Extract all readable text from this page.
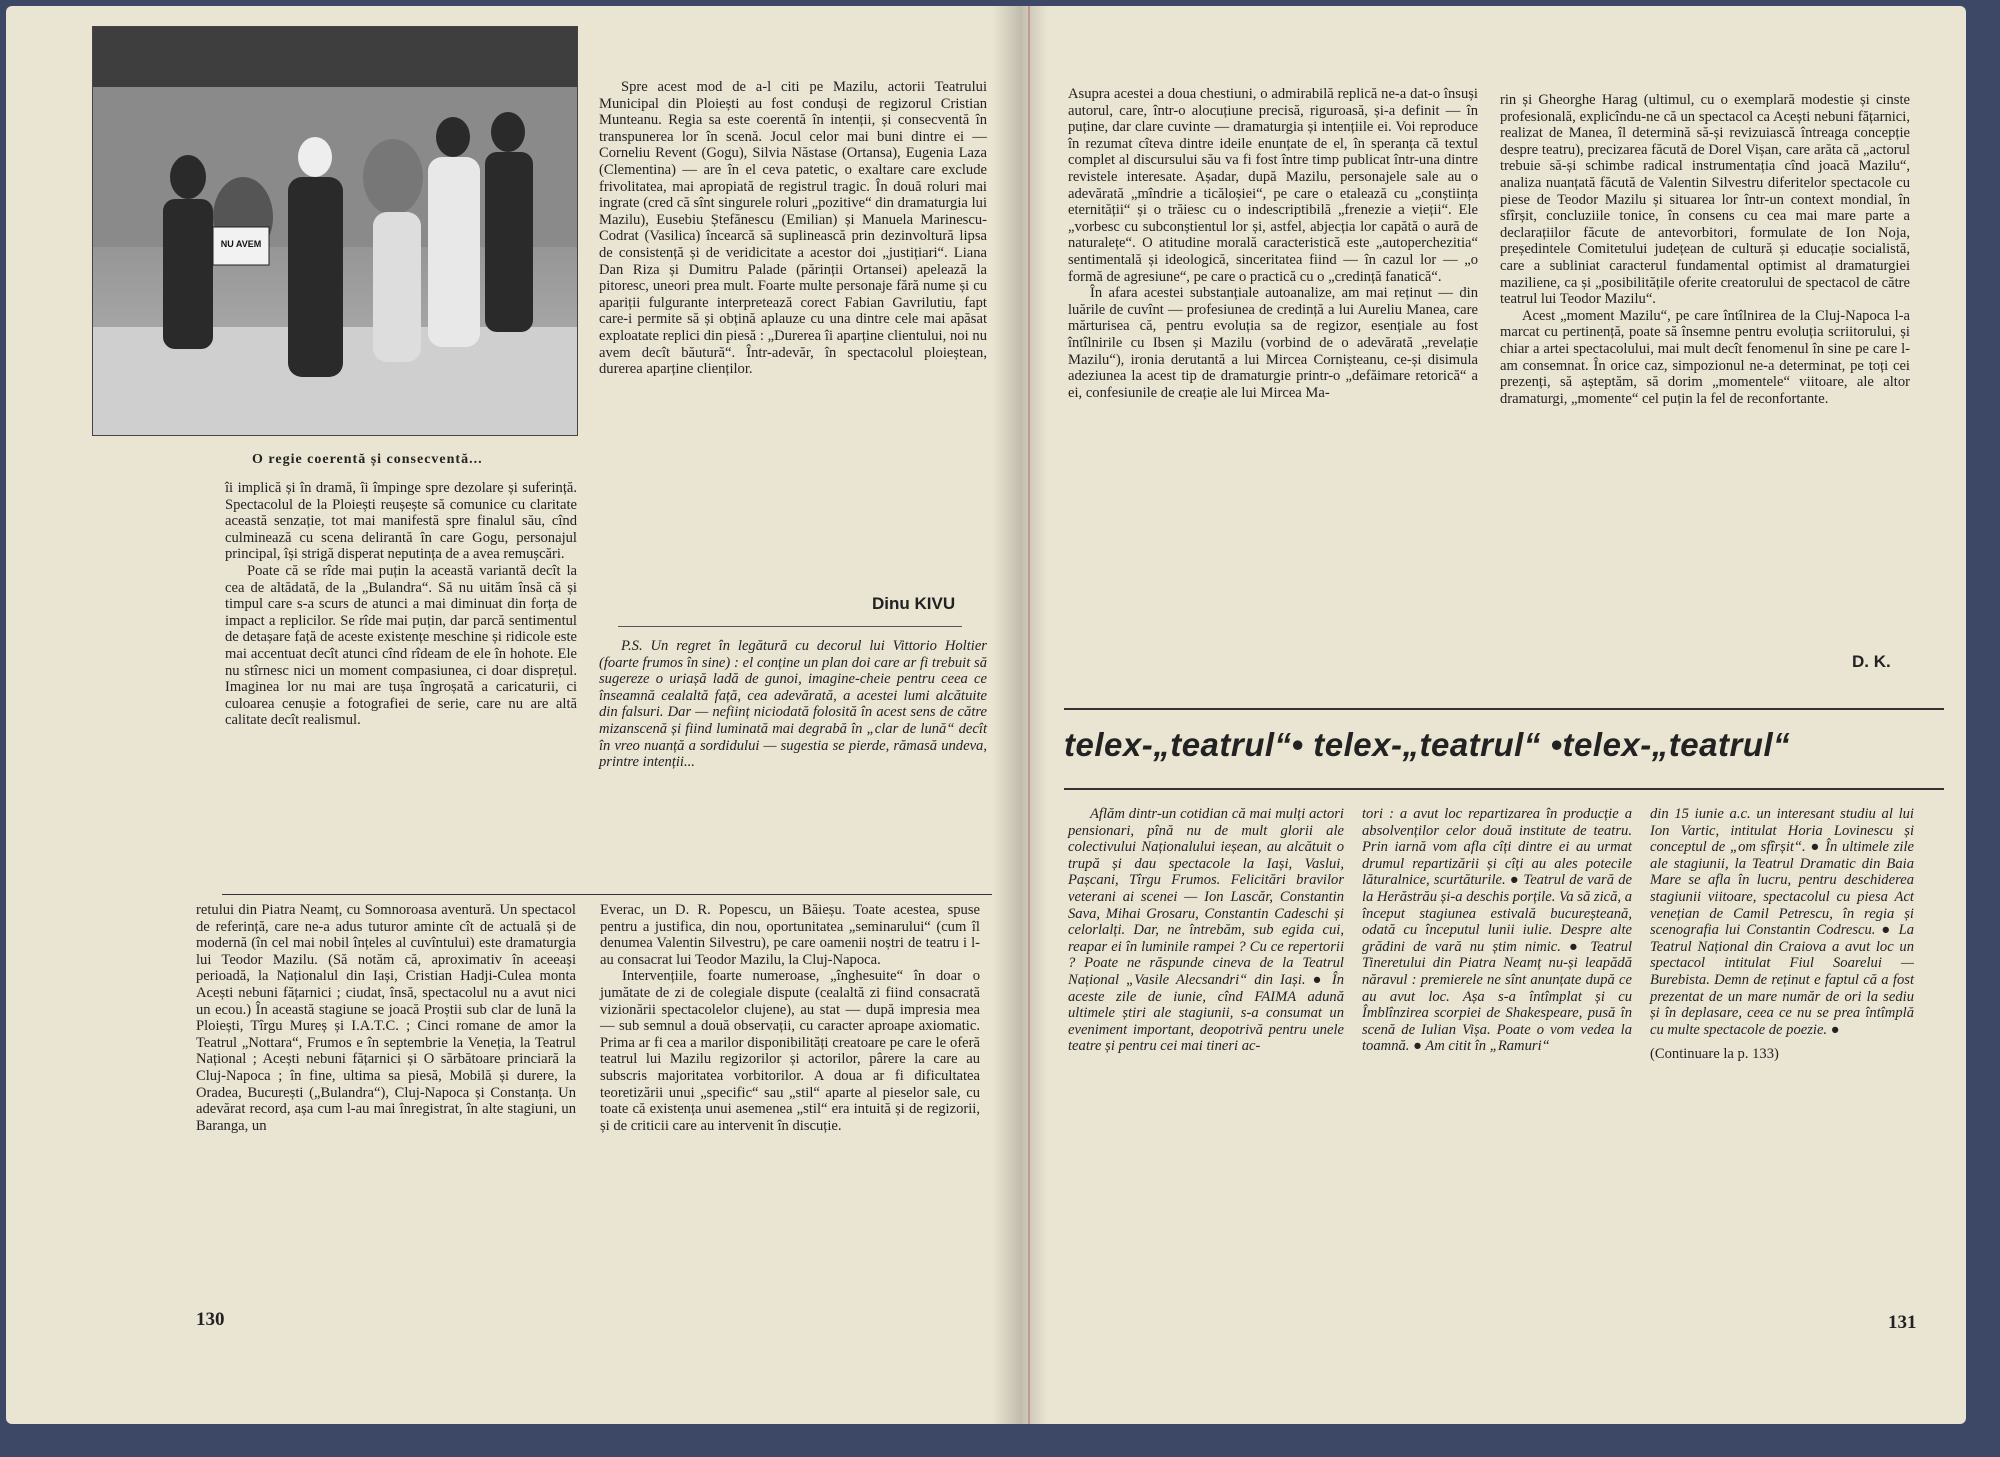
NU AVEM
O regie coerentă și consecventă...

îi implică și în dramă, îi împinge spre dezolare și suferință. Spectacolul de la Ploiești reușește să comunice cu claritate această senzație, tot mai manifestă spre finalul său, cînd culminează cu scena delirantă în care Gogu, personajul principal, își strigă disperat neputința de a avea remușcări.

Poate că se rîde mai puțin la această variantă decît la cea de altădată, de la „Bulandra“. Să nu uităm însă că și timpul care s-a scurs de atunci a mai diminuat din forța de impact a replicilor. Se rîde mai puțin, dar parcă sentimentul de detașare față de aceste existențe meschine și ridicole este mai accentuat decît atunci cînd rîdeam de ele în hohote. Ele nu stîrnesc nici un moment compasiunea, ci doar disprețul. Imaginea lor nu mai are tușa îngroșată a caricaturii, ci culoarea cenușie a fotografiei de serie, care nu are altă calitate decît realismul.

Spre acest mod de a-l citi pe Mazilu, actorii Teatrului Municipal din Ploiești au fost conduși de regizorul Cristian Munteanu. Regia sa este coerentă în intenții, și consecventă în transpunerea lor în scenă. Jocul celor mai buni dintre ei — Corneliu Revent (Gogu), Silvia Năstase (Ortansa), Eugenia Laza (Clementina) — are în el ceva patetic, o exaltare care exclude frivolitatea, mai apropiată de registrul tragic. În două roluri mai ingrate (cred că sînt singurele roluri „pozitive“ din dramaturgia lui Mazilu), Eusebiu Ștefănescu (Emilian) și Manuela Marinescu-Codrat (Vasilica) încearcă să suplinească prin dezinvoltură lipsa de consistență și de veridicitate a acestor doi „justițiari“. Liana Dan Riza și Dumitru Palade (părinții Ortansei) apelează la pitoresc, uneori prea mult. Foarte multe personaje fără nume și cu apariții fulgurante interpretează corect Fabian Gavrilutiu, fapt care-i permite să și obțină aplauze cu una dintre cele mai apăsat exploatate replici din piesă : „Durerea îi aparține clientului, noi nu avem decît băutură“. Într-adevăr, în spectacolul ploieștean, durerea aparține clienților.

Dinu KIVU

P.S. Un regret în legătură cu decorul lui Vittorio Holtier (foarte frumos în sine) : el conține un plan doi care ar fi trebuit să sugereze o uriașă ladă de gunoi, imagine-cheie pentru ceea ce înseamnă cealaltă față, cea adevărată, a acestei lumi alcătuite din falsuri. Dar — neființ niciodată folosită în acest sens de către mizanscenă și fiind luminată mai degrabă în „clar de lună“ decît în vreo nuanță a sordidului — sugestia se pierde, rămasă undeva, printre intenții...

retului din Piatra Neamț, cu Somnoroasa aventură. Un spectacol de referință, care ne-a adus tuturor aminte cît de actuală și de modernă (în cel mai nobil înțeles al cuvîntului) este dramaturgia lui Teodor Mazilu. (Să notăm că, aproximativ în aceeași perioadă, la Naționalul din Iași, Cristian Hadji-Culea monta Acești nebuni fățarnici ; ciudat, însă, spectacolul nu a avut nici un ecou.) În această stagiune se joacă Proștii sub clar de lună la Ploiești, Tîrgu Mureș și I.A.T.C. ; Cinci romane de amor la Teatrul „Nottara“, Frumos e în septembrie la Veneția, la Teatrul Național ; Acești nebuni fățarnici și O sărbătoare princiară la Cluj-Napoca ; în fine, ultima sa piesă, Mobilă și durere, la Oradea, București („Bulandra“), Cluj-Napoca și Constanța. Un adevărat record, așa cum l-au mai înregistrat, în alte stagiuni, un Baranga, un

Everac, un D. R. Popescu, un Băieșu. Toate acestea, spuse pentru a justifica, din nou, oportunitatea „seminarului“ (cum îl denumea Valentin Silvestru), pe care oamenii noștri de teatru i l-au consacrat lui Teodor Mazilu, la Cluj-Napoca.

Intervențiile, foarte numeroase, „înghesuite“ în doar o jumătate de zi de colegiale dispute (cealaltă zi fiind consacrată vizionării spectacolelor clujene), au stat — după impresia mea — sub semnul a două observații, cu caracter aproape axiomatic. Prima ar fi cea a marilor disponibilități creatoare pe care le oferă teatrul lui Mazilu regizorilor și actorilor, pârere la care au subscris majoritatea vorbitorilor. A doua ar fi dificultatea teoretizării unui „specific“ sau „stil“ aparte al pieselor sale, cu toate că existența unui asemenea „stil“ era intuită și de regizorii, și de criticii care au intervenit în discuție.

130

Asupra acestei a doua chestiuni, o admirabilă replică ne-a dat-o însuși autorul, care, într-o alocuțiune precisă, riguroasă, și-a definit — în puține, dar clare cuvinte — dramaturgia și intențiile ei. Voi reproduce în rezumat cîteva dintre ideile enunțate de el, în speranța că textul complet al discursului său va fi fost între timp publicat într-una dintre revistele interesate. Așadar, după Mazilu, personajele sale au o adevărată „mîndrie a ticăloșiei“, pe care o etalează cu „conștiința eternității“ și o trăiesc cu o indescriptibilă „frenezie a vieții“. Ele „vorbesc cu subconștientul lor și, astfel, abjecția lor capătă o aură de naturalețe“. O atitudine morală caracteristică este „autoperchezitia“ sentimentală și ideologică, sinceritatea fiind — în cazul lor — „o formă de agresiune“, pe care o practică cu o „credință fanatică“.

În afara acestei substanțiale autoanalize, am mai reținut — din luările de cuvînt — profesiunea de credință a lui Aureliu Manea, care mărturisea că, pentru evoluția sa de regizor, esențiale au fost întîlnirile cu Ibsen și Mazilu (vorbind de o adevărată „revelație Mazilu“), ironia derutantă a lui Mircea Cornișteanu, ce-și disimula adeziunea la acest tip de dramaturgie printr-o „defăimare retorică“ a ei, confesiunile de creație ale lui Mircea Ma-

rin și Gheorghe Harag (ultimul, cu o exemplară modestie și cinste profesională, explicîndu-ne că un spectacol ca Acești nebuni fățarnici, realizat de Manea, îl determină să-și revizuiască întreaga concepție despre teatru), precizarea făcută de Dorel Vișan, care arăta că „actorul trebuie să-și schimbe radical instrumentația cînd joacă Mazilu“, analiza nuanțată făcută de Valentin Silvestru diferitelor spectacole cu piese de Teodor Mazilu și situarea lor într-un context mondial, în sfîrșit, concluziile tonice, în consens cu cea mai mare parte a declarațiilor făcute de antevorbitori, formulate de Ion Noja, președintele Comitetului județean de cultură și educație socialistă, care a subliniat caracterul fundamental optimist al dramaturgiei maziliene, ca și „posibilitățile oferite creatorului de spectacol de către teatrul lui Teodor Mazilu“.

Acest „moment Mazilu“, pe care întîlnirea de la Cluj-Napoca l-a marcat cu pertinență, poate să însemne pentru evoluția scriitorului, și chiar a artei spectacolului, mai mult decît fenomenul în sine pe care l-am consemnat. În orice caz, simpozionul ne-a determinat, pe toți cei prezenți, să așteptăm, să dorim „momentele“ viitoare, ale altor dramaturgi, „momente“ cel puțin la fel de reconfortante.

D. K.
telex-„teatrul“• telex-„teatrul“ •telex-„teatrul“

Aflăm dintr-un cotidian că mai mulți actori pensionari, pînă nu de mult glorii ale colectivului Naționalului ieșean, au alcătuit o trupă și dau spectacole la Iași, Vaslui, Pașcani, Tîrgu Frumos. Felicitări bravilor veterani ai scenei — Ion Lascăr, Constantin Sava, Mihai Grosaru, Constantin Cadeschi și celorlalți. Dar, ne întrebăm, sub egida cui, reapar ei în luminile rampei ? Cu ce repertorii ? Poate ne răspunde cineva de la Teatrul Național „Vasile Alecsandri“ din Iași. ● În aceste zile de iunie, cînd FAIMA adună ultimele știri ale stagiunii, s-a consumat un eveniment important, deopotrivă pentru unele teatre și pentru cei mai tineri ac-

tori : a avut loc repartizarea în producție a absolvenților celor două institute de teatru. Prin iarnă vom afla cîți dintre ei au urmat drumul repartizării și cîți au ales potecile lăturalnice, scurtăturile. ● Teatrul de vară de la Herăstrău și-a deschis porțile. Va să zică, a început stagiunea estivală bucureșteană, odată cu începutul lunii iulie. Despre alte grădini de vară nu știm nimic. ● Teatrul Tineretului din Piatra Neamț nu-și leapădă năravul : premierele ne sînt anunțate după ce au avut loc. Așa s-a întîmplat și cu Îmblînzirea scorpiei de Shakespeare, pusă în scenă de Iulian Vișa. Poate o vom vedea la toamnă. ● Am citit în „Ramuri“

din 15 iunie a.c. un interesant studiu al lui Ion Vartic, intitulat Horia Lovinescu și conceptul de „om sfîrșit“. ● În ultimele zile ale stagiunii, la Teatrul Dramatic din Baia Mare se afla în lucru, pentru deschiderea stagiunii viitoare, spectacolul cu piesa Act venețian de Camil Petrescu, în regia și scenografia lui Constantin Codrescu. ● La Teatrul Național din Craiova a avut loc un spectacol intitulat Fiul Soarelui — Burebista. Demn de reținut e faptul că a fost prezentat de un mare număr de ori la sediu și în deplasare, ceea ce nu se prea întîmplă cu multe spectacole de poezie. ●

(Continuare la p. 133)

131
